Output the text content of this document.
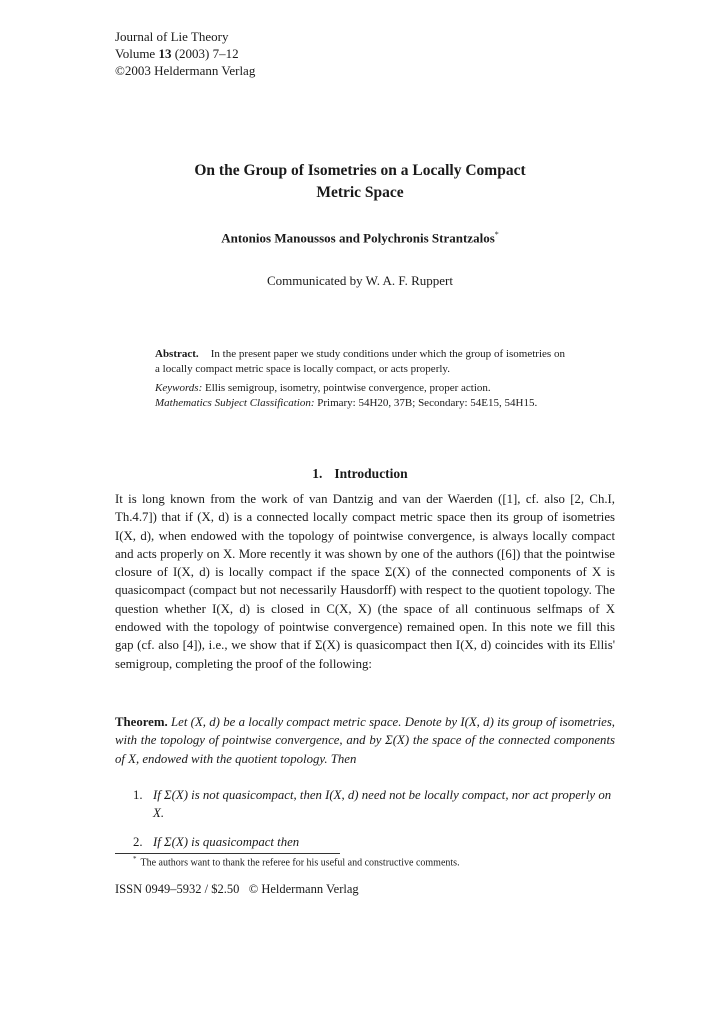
Journal of Lie Theory
Volume 13 (2003) 7–12
©2003 Heldermann Verlag
On the Group of Isometries on a Locally Compact
Metric Space
Antonios Manoussos and Polychronis Strantzalos*
Communicated by W. A. F. Ruppert

Abstract. In the present paper we study conditions under which the group of isometries on a locally compact metric space is locally compact, or acts properly.

Keywords: Ellis semigroup, isometry, pointwise convergence, proper action.
Mathematics Subject Classification: Primary: 54H20, 37B; Secondary: 54E15, 54H15.

1. Introduction

It is long known from the work of van Dantzig and van der Waerden ([1], cf. also [2, Ch.I, Th.4.7]) that if (X, d) is a connected locally compact metric space then its group of isometries I(X, d), when endowed with the topology of pointwise convergence, is always locally compact and acts properly on X. More recently it was shown by one of the authors ([6]) that the pointwise closure of I(X, d) is locally compact if the space Σ(X) of the connected components of X is quasicompact (compact but not necessarily Hausdorff) with respect to the quotient topology. The question whether I(X, d) is closed in C(X, X) (the space of all continuous selfmaps of X endowed with the topology of pointwise convergence) remained open. In this note we fill this gap (cf. also [4]), i.e., we show that if Σ(X) is quasicompact then I(X, d) coincides with its Ellis' semigroup, completing the proof of the following:

Theorem. Let (X, d) be a locally compact metric space. Denote by I(X, d) its group of isometries, with the topology of pointwise convergence, and by Σ(X) the space of the connected components of X, endowed with the quotient topology. Then

1. If Σ(X) is not quasicompact, then I(X, d) need not be locally compact, nor act properly on X.
2. If Σ(X) is quasicompact then
* The authors want to thank the referee for his useful and constructive comments.
ISSN 0949–5932 / $2.50 © Heldermann Verlag
